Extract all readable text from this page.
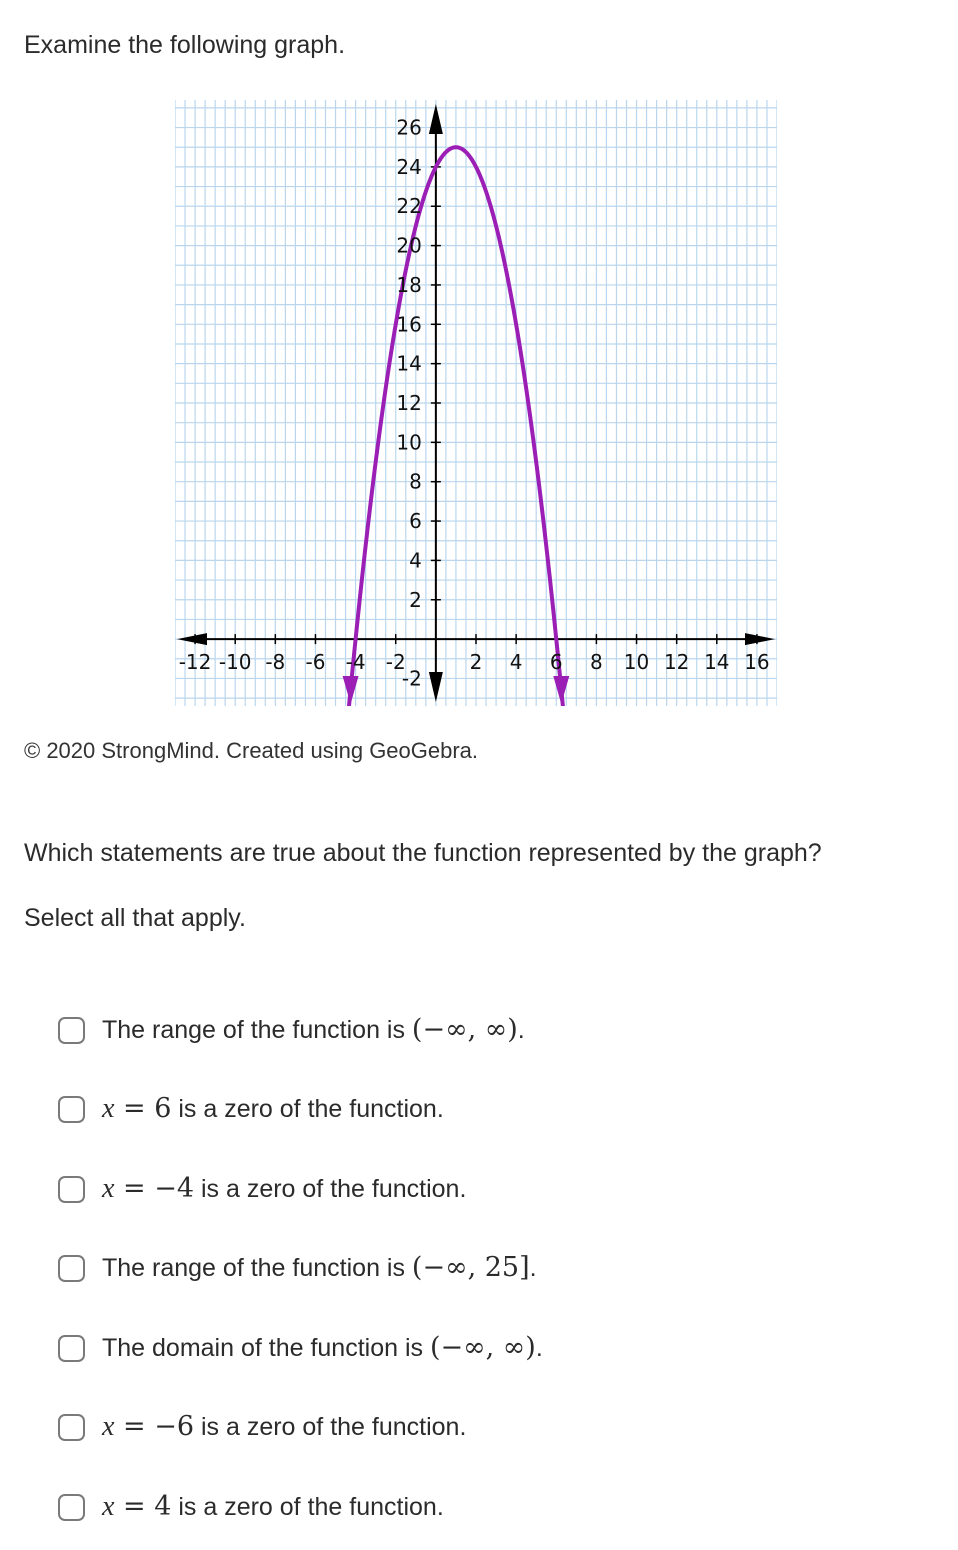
Examine the following graph.
-12 -10 -8 -6 -4 -2	2 4 6 8 10 12 14 16
26
24
22
20
18
16
14
12
10
8
6
4
2
-2
© 2020 StrongMind. Created using GeoGebra.
Which statements are true about the function represented by the graph?
Select all that apply.
The range of the function is (−∞, ∞).
x = 6 is a zero of the function.
x = −4 is a zero of the function.
The range of the function is (−∞, 25].
The domain of the function is (−∞, ∞).
x = −6 is a zero of the function.
x = 4 is a zero of the function.
